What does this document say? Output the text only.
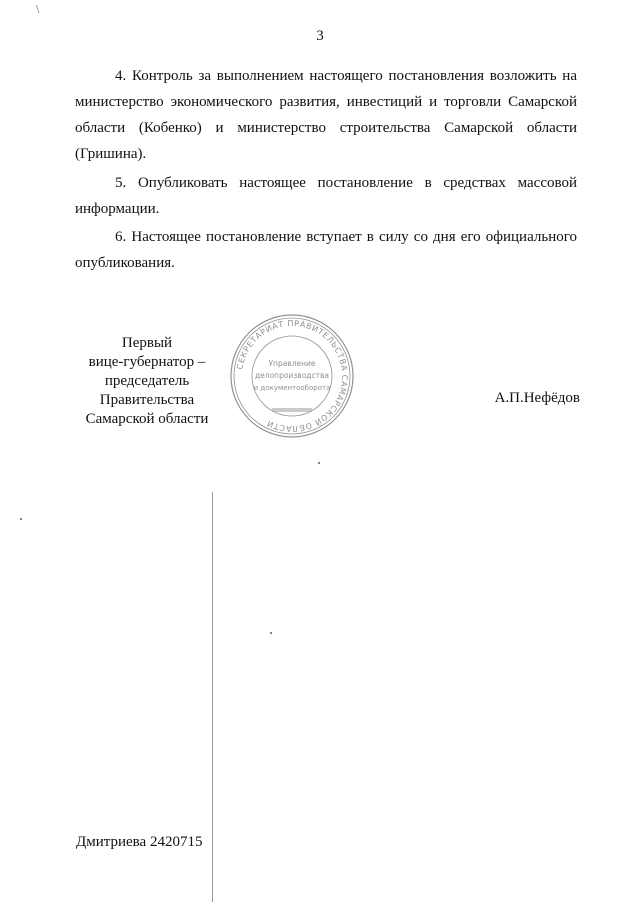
\
3

4. Контроль за выполнением настоящего постановления возложить на министерство экономического развития, инвестиций и торговли Самарской области (Кобенко) и министерство строительства Самарской области (Гришина).

5. Опубликовать настоящее постановление в средствах массовой информации.

6. Настоящее постановление вступает в силу со дня его официального опубликования.

Первый
вице-губернатор –
председатель Правительства
Самарской области
СЕКРЕТАРИАТ ПРАВИТЕЛЬСТВА САМАРСКОЙ ОБЛАСТИ
Управление
делопроизводства
и документооборота
А.П.Нефёдов
Дмитриева 2420715
